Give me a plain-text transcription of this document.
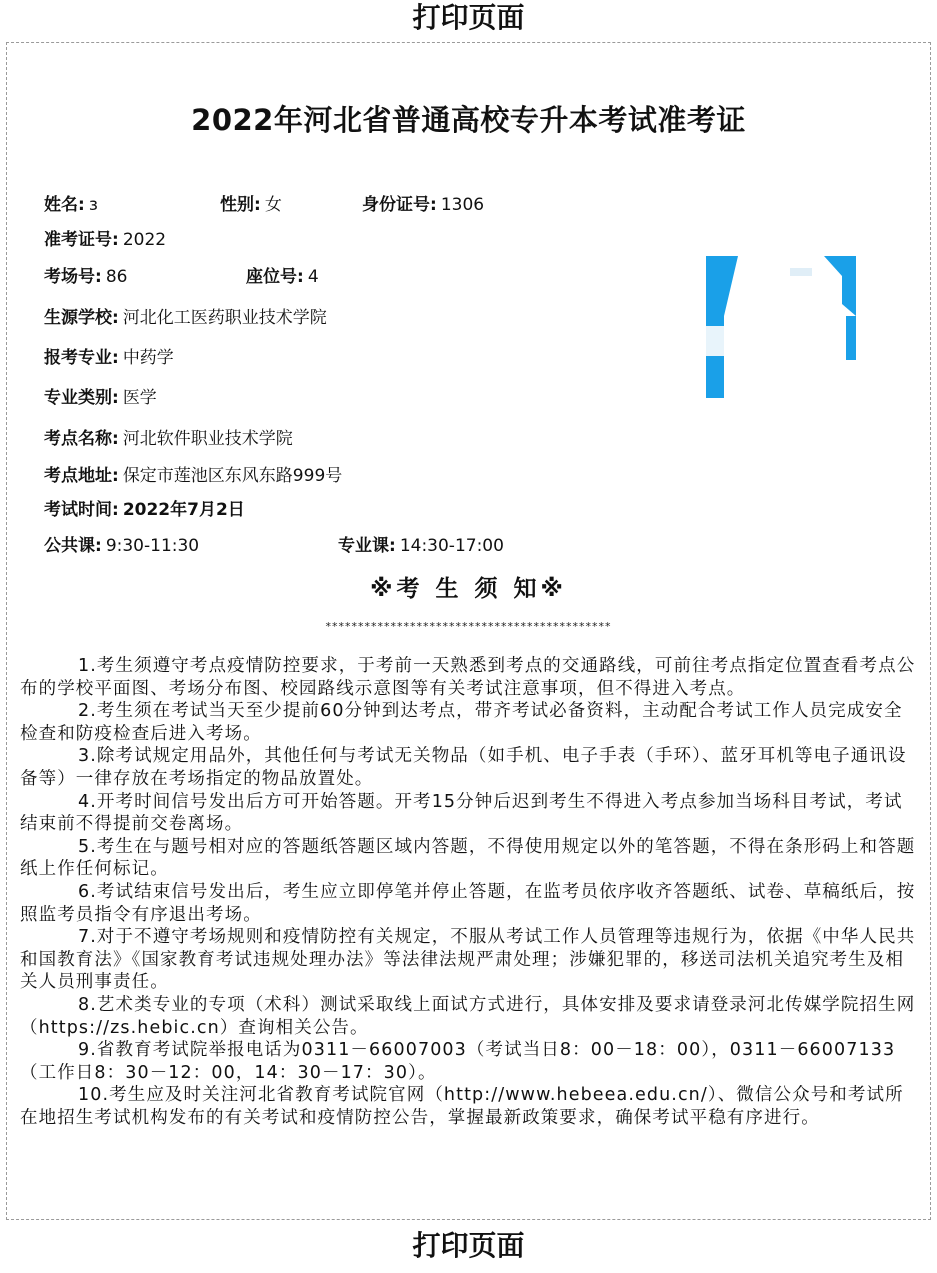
打印页面
2022年河北省普通高校专升本考试准考证
姓名: з	性别: 女	身份证号: 1306
准考证号: 2022
考场号: 86	座位号: 4
生源学校: 河北化工医药职业技术学院
报考专业: 中药学
专业类别: 医学
考点名称: 河北软件职业技术学院
考点地址: 保定市莲池区东风东路999号
考试时间: 2022年7月2日
公共课: 9:30-11:30	专业课: 14:30-17:00
※考 生 须 知※
********************************************

1.考生须遵守考点疫情防控要求，于考前一天熟悉到考点的交通路线，可前往考点指定位置查看考点公布的学校平面图、考场分布图、校园路线示意图等有关考试注意事项，但不得进入考点。

2.考生须在考试当天至少提前60分钟到达考点，带齐考试必备资料，主动配合考试工作人员完成安全检查和防疫检查后进入考场。

3.除考试规定用品外，其他任何与考试无关物品（如手机、电子手表（手环）、蓝牙耳机等电子通讯设备等）一律存放在考场指定的物品放置处。

4.开考时间信号发出后方可开始答题。开考15分钟后迟到考生不得进入考点参加当场科目考试，考试结束前不得提前交卷离场。

5.考生在与题号相对应的答题纸答题区域内答题，不得使用规定以外的笔答题，不得在条形码上和答题纸上作任何标记。

6.考试结束信号发出后，考生应立即停笔并停止答题，在监考员依序收齐答题纸、试卷、草稿纸后，按照监考员指令有序退出考场。

7.对于不遵守考场规则和疫情防控有关规定，不服从考试工作人员管理等违规行为，依据《中华人民共和国教育法》《国家教育考试违规处理办法》等法律法规严肃处理；涉嫌犯罪的，移送司法机关追究考生及相关人员刑事责任。

8.艺术类专业的专项（术科）测试采取线上面试方式进行，具体安排及要求请登录河北传媒学院招生网（https://zs.hebic.cn）查询相关公告。

9.省教育考试院举报电话为0311－66007003（考试当日8：00－18：00），0311－66007133（工作日8：30－12：00，14：30－17：30）。

10.考生应及时关注河北省教育考试院官网（http://www.hebeea.edu.cn/）、微信公众号和考试所在地招生考试机构发布的有关考试和疫情防控公告，掌握最新政策要求，确保考试平稳有序进行。

打印页面
